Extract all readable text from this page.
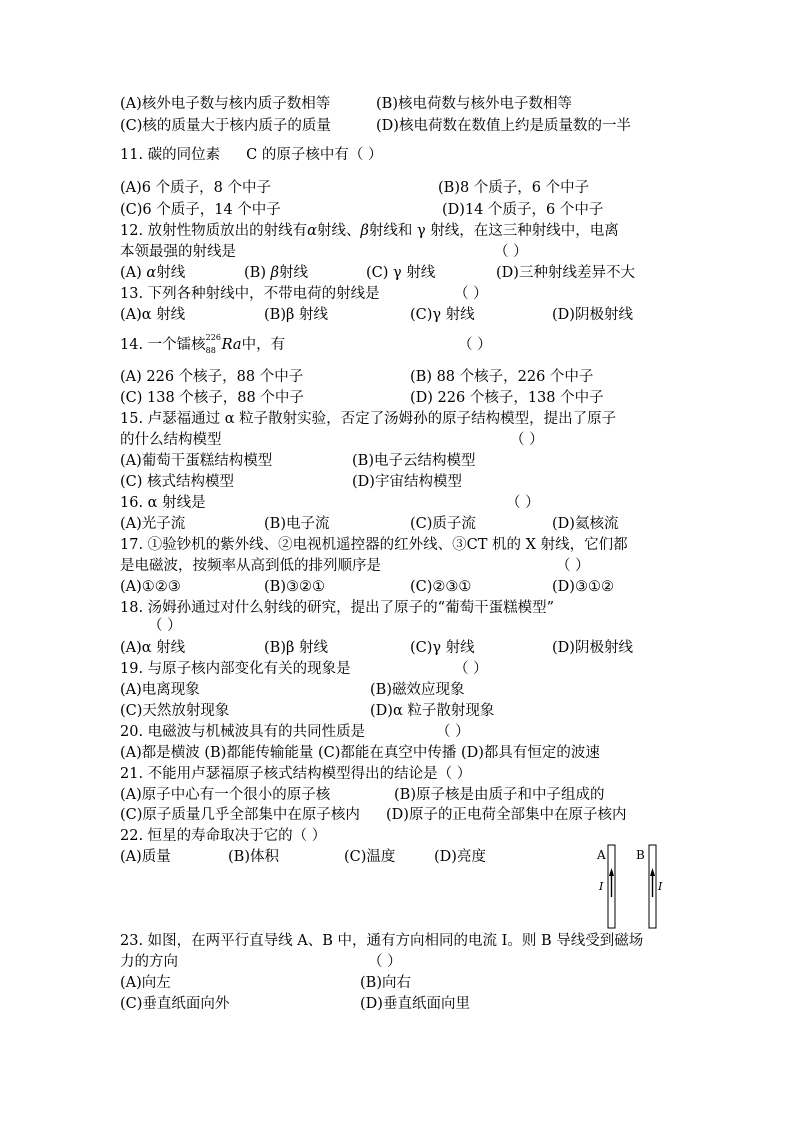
(A)核外电子数与核内质子数相等	(B)核电荷数与核外电子数相等
(C)核的质量大于核内质子的质量	(D)核电荷数在数值上约是质量数的一半
11. 碳的同位素 C 的原子核中有（ ）
(A)6 个质子，8 个中子	(B)8 个质子，6 个中子
(C)6 个质子，14 个中子	(D)14 个质子，6 个中子
12. 放射性物质放出的射线有α射线、β射线和 γ 射线，在这三种射线中，电离
本领最强的射线是	（ ）
(A) α射线	(B) β射线	(C) γ 射线	(D)三种射线差异不大
13. 下列各种射线中，不带电荷的射线是	（ ）
(A)α 射线	(B)β 射线	(C)γ 射线	(D)阴极射线
14. 一个镭核 226
88 Ra中，有	（ ）
(A) 226 个核子，88 个中子	(B) 88 个核子，226 个中子
(C) 138 个核子，88 个中子	(D) 226 个核子，138 个中子
15. 卢瑟福通过 α 粒子散射实验，否定了汤姆孙的原子结构模型，提出了原子
的什么结构模型	（ ）
(A)葡萄干蛋糕结构模型	(B)电子云结构模型
(C) 核式结构模型	(D)宇宙结构模型
16. α 射线是	（ ）
(A)光子流	(B)电子流	(C)质子流	(D)氦核流
17. ①验钞机的紫外线、②电视机遥控器的红外线、③CT 机的 X 射线，它们都
是电磁波，按频率从高到低的排列顺序是	（ ）
(A)①②③	(B)③②①	(C)②③①	(D)③①②
18. 汤姆孙通过对什么射线的研究，提出了原子的“葡萄干蛋糕模型”
（ ）
(A)α 射线	(B)β 射线	(C)γ 射线	(D)阴极射线
19. 与原子核内部变化有关的现象是	（ ）
(A)电离现象	(B)磁效应现象
(C)天然放射现象	(D)α 粒子散射现象
20. 电磁波与机械波具有的共同性质是	（ ）
(A)都是横波 (B)都能传输能量 (C)都能在真空中传播 (D)都具有恒定的波速
21. 不能用卢瑟福原子核式结构模型得出的结论是（ ）
(A)原子中心有一个很小的原子核	(B)原子核是由质子和中子组成的
(C)原子质量几乎全部集中在原子核内 (D)原子的正电荷全部集中在原子核内
22. 恒星的寿命取决于它的（ ）
(A)质量	(B)体积	(C)温度	(D)亮度	A	B
I	I
23. 如图，在两平行直导线 A、B 中，通有方向相同的电流 I。则 B 导线受到磁场
力的方向	（ ）
(A)向左	(B)向右
(C)垂直纸面向外	(D)垂直纸面向里
